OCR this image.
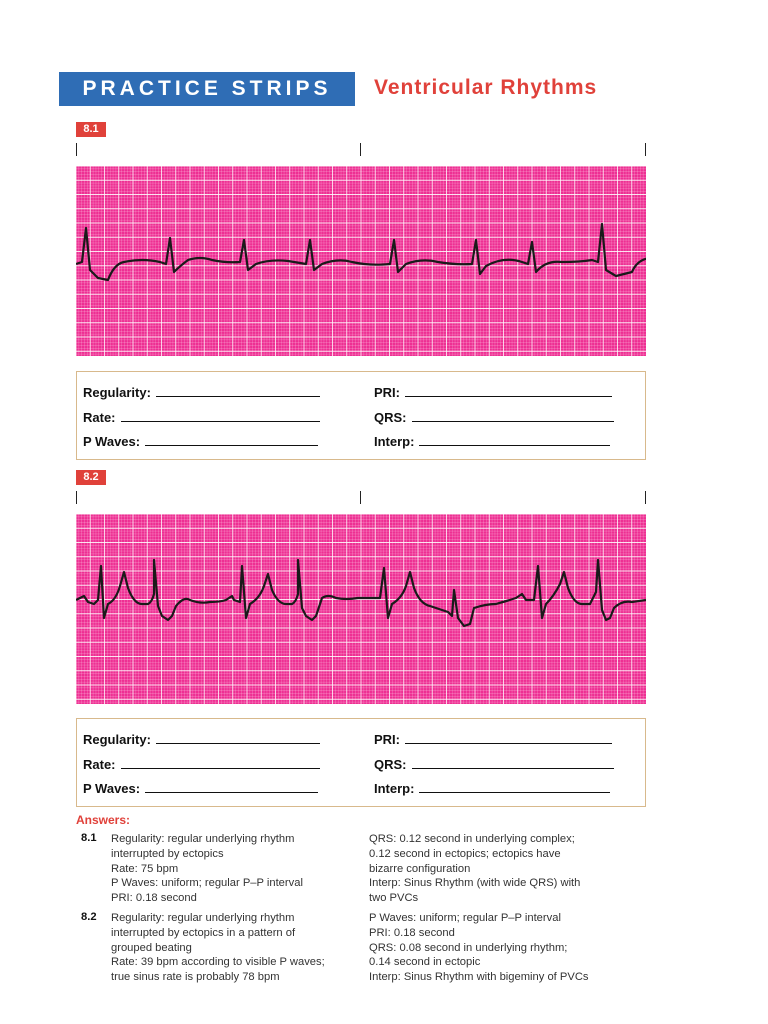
PRACTICE STRIPS	Ventricular Rhythms
8.1
Regularity:
Rate:
P Waves:
PRI:
QRS:
Interp:
8.2
Regularity:
Rate:
P Waves:
PRI:
QRS:
Interp:
Answers:
8.1 Regularity: regular underlying rhythm
interrupted by ectopics
Rate: 75 bpm
P Waves: uniform; regular P–P interval
PRI: 0.18 second
QRS: 0.12 second in underlying complex;
0.12 second in ectopics; ectopics have
bizarre configuration
Interp: Sinus Rhythm (with wide QRS) with
two PVCs
8.2 Regularity: regular underlying rhythm
interrupted by ectopics in a pattern of
grouped beating
Rate: 39 bpm according to visible P waves;
true sinus rate is probably 78 bpm
P Waves: uniform; regular P–P interval
PRI: 0.18 second
QRS: 0.08 second in underlying rhythm;
0.14 second in ectopic
Interp: Sinus Rhythm with bigeminy of PVCs
